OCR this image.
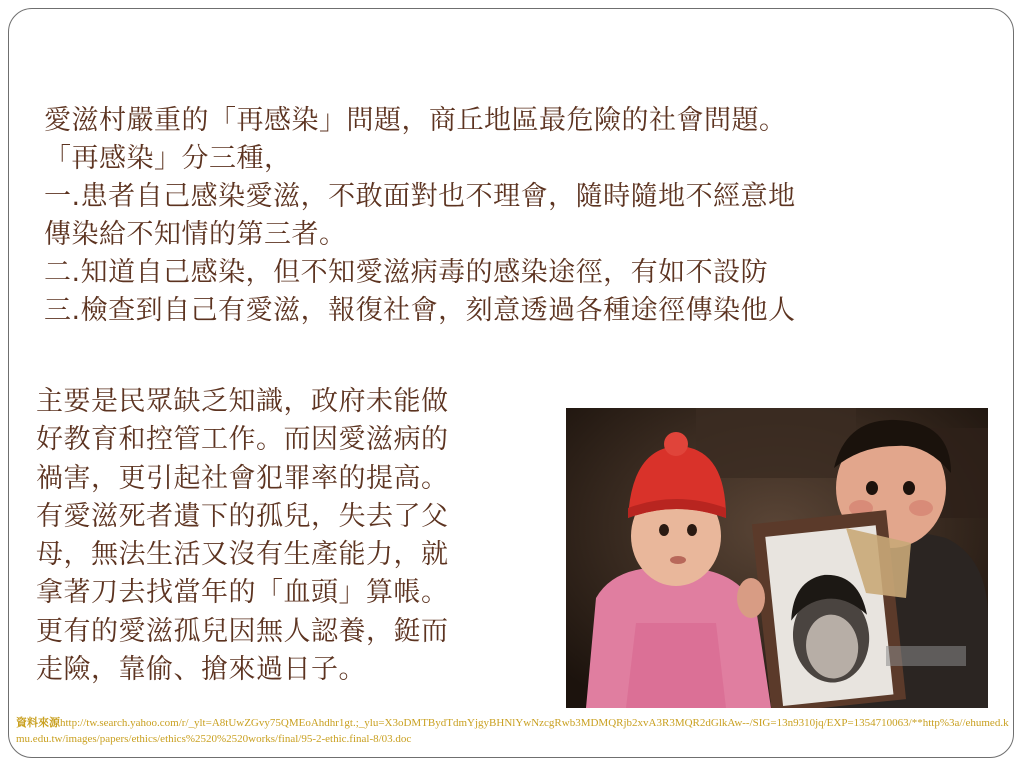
愛滋村嚴重的「再感染」問題，商丘地區最危險的社會問題。
「再感染」分三種，
一.患者自己感染愛滋，不敢面對也不理會，隨時隨地不經意地
傳染給不知情的第三者。
二.知道自己感染，但不知愛滋病毒的感染途徑，有如不設防
三.檢查到自己有愛滋，報復社會，刻意透過各種途徑傳染他人
主要是民眾缺乏知識，政府未能做
好教育和控管工作。而因愛滋病的
禍害，更引起社會犯罪率的提高。
有愛滋死者遺下的孤兒，失去了父
母，無法生活又沒有生產能力，就
拿著刀去找當年的「血頭」算帳。
更有的愛滋孤兒因無人認養，鋌而
走險，靠偷、搶來過日子。
資料來源http://tw.search.yahoo.com/r/_ylt=A8tUwZGvy75QMEoAhdhr1gt.;_ylu=X3oDMTBydTdmYjgyBHNlYwNzcgRwb3MDMQRjb2xvA3R3MQR2dGlkAw--/SIG=13n9310jq/EXP=1354710063/**http%3a//ehumed.kmu.edu.tw/images/papers/ethics/ethics%2520%2520works/final/95-2-ethic.final-8/03.doc
